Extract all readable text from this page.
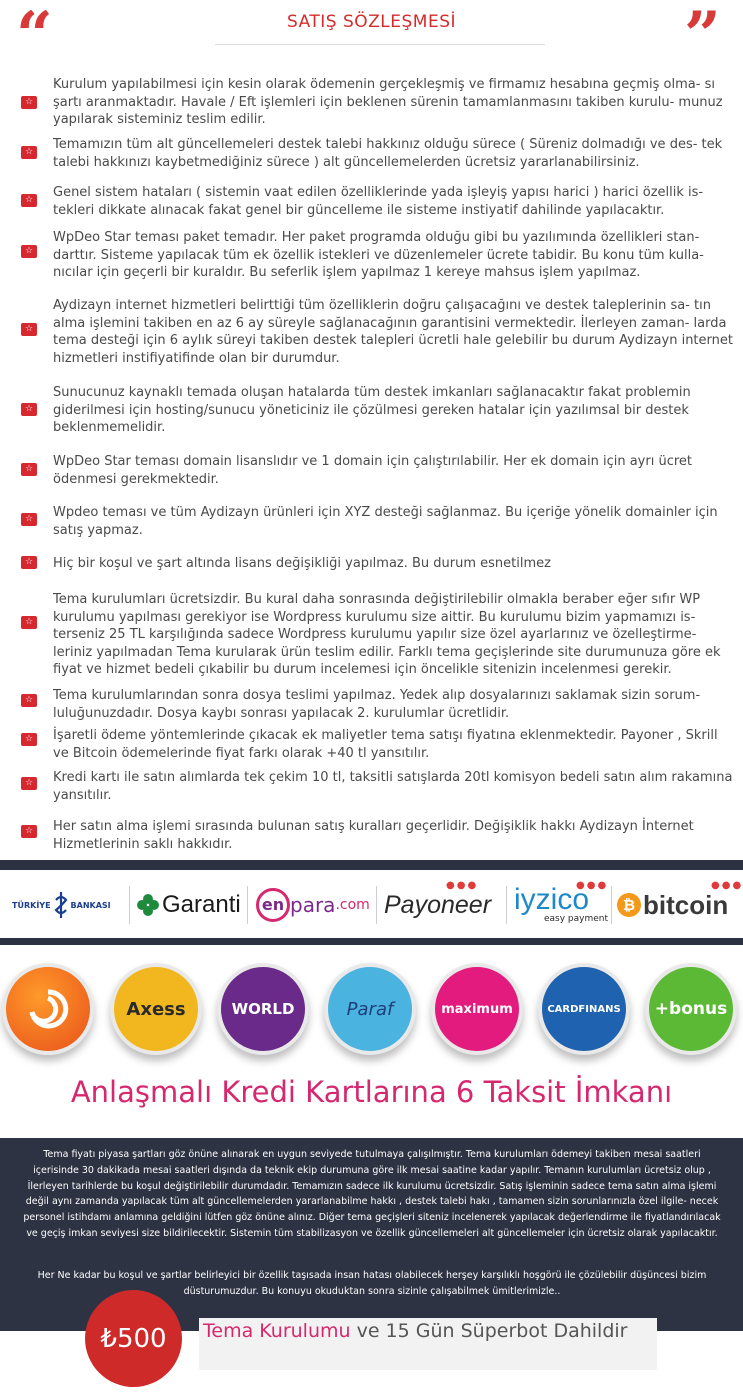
“	SATIŞ SÖZLEŞMESİ	”
☆
Kurulum yapılabilmesi için kesin olarak ödemenin gerçekleşmiş ve firmamız hesabına geçmiş olma- sı şartı aranmaktadır. Havale / Eft işlemleri için beklenen sürenin tamamlanmasını takiben kurulu- munuz yapılarak sisteminiz teslim edilir.
☆	Temamızın tüm alt güncellemeleri destek talebi hakkınız olduğu sürece ( Süreniz dolmadığı ve des- tek talebi hakkınızı kaybetmediğiniz sürece ) alt güncellemelerden ücretsiz yararlanabilirsiniz.
☆	Genel sistem hataları ( sistemin vaat edilen özelliklerinde yada işleyiş yapısı harici ) harici özellik is- tekleri dikkate alınacak fakat genel bir güncelleme ile sisteme instiyatif dahilinde yapılacaktır.
☆
WpDeo Star teması paket temadır. Her paket programda olduğu gibi bu yazılımında özellikleri stan- darttır. Sisteme yapılacak tüm ek özellik istekleri ve düzenlemeler ücrete tabidir. Bu konu tüm kulla- nıcılar için geçerli bir kuraldır. Bu seferlik işlem yapılmaz 1 kereye mahsus işlem yapılmaz.
☆
Aydizayn internet hizmetleri belirttiği tüm özelliklerin doğru çalışacağını ve destek taleplerinin sa- tın alma işlemini takiben en az 6 ay süreyle sağlanacağının garantisini vermektedir. İlerleyen zaman- larda tema desteği için 6 aylık süreyi takiben destek talepleri ücretli hale gelebilir bu durum Aydizayn internet hizmetleri instifiyatifinde olan bir durumdur.
☆
Sunucunuz kaynaklı temada oluşan hatalarda tüm destek imkanları sağlanacaktır fakat problemin giderilmesi için hosting/sunucu yöneticiniz ile çözülmesi gereken hatalar için yazılımsal bir destek beklenmemelidir.
☆	WpDeo Star teması domain lisanslıdır ve 1 domain için çalıştırılabilir. Her ek domain için ayrı ücret ödenmesi gerekmektedir.
☆	Wpdeo teması ve tüm Aydizayn ürünleri için XYZ desteği sağlanmaz. Bu içeriğe yönelik domainler için satış yapmaz.
☆	Hiç bir koşul ve şart altında lisans değişikliği yapılmaz. Bu durum esnetilmez
☆
Tema kurulumları ücretsizdir. Bu kural daha sonrasında değiştirilebilir olmakla beraber eğer sıfır WP kurulumu yapılması gerekiyor ise Wordpress kurulumu size aittir. Bu kurulumu bizim yapmamızı is- terseniz 25 TL karşılığında sadece Wordpress kurulumu yapılır size özel ayarlarınız ve özelleştirme- leriniz yapılmadan Tema kurularak ürün teslim edilir. Farklı tema geçişlerinde site durumunuza göre ek fiyat ve hizmet bedeli çıkabilir bu durum incelemesi için öncelikle sitenizin incelenmesi gerekir.
☆	Tema kurulumlarından sonra dosya teslimi yapılmaz. Yedek alıp dosyalarınızı saklamak sizin sorum- luluğunuzdadır. Dosya kaybı sonrası yapılacak 2. kurulumlar ücretlidir.
☆	İşaretli ödeme yöntemlerinde çıkacak ek maliyetler tema satışı fiyatına eklenmektedir. Payoner , Skrill ve Bitcoin ödemelerinde fiyat farkı olarak +40 tl yansıtılır.
☆	Kredi kartı ile satın alımlarda tek çekim 10 tl, taksitli satışlarda 20tl komisyon bedeli satın alım rakamına yansıtılır.
☆	Her satın alma işlemi sırasında bulunan satış kuralları geçerlidir. Değişiklik hakkı Aydizayn İnternet Hizmetlerinin saklı hakkıdır.
TÜRKİYE	BANKASI Garanti	en para .com Payoneer
●●● iyzico
easy payment
●●●
₿ bitcoin
●●●
Axess	WORLD	Paraf	maximum	CARDFINANS	+bonus
Anlaşmalı Kredi Kartlarına 6 Taksit İmkanı

Tema fiyatı piyasa şartları göz önüne alınarak en uygun seviyede tutulmaya çalışılmıştır. Tema kurulumları ödemeyi takiben mesai saatleri içerisinde 30 dakikada mesai saatleri dışında da teknik ekip durumuna göre ilk mesai saatine kadar yapılır. Temanın kurulumları ücretsiz olup , İlerleyen tarihlerde bu koşul değiştirilebilir durumdadır. Temamızın sadece ilk kurulumu ücretsizdir. Satış işleminin sadece tema satın alma işlemi değil aynı zamanda yapılacak tüm alt güncellemelerden yararlanabilme hakkı , destek talebi hakı , tamamen sizin sorunlarınızla özel ilgile- necek personel istihdamı anlamına geldiğini lütfen göz önüne alınız. Diğer tema geçişleri siteniz incelenerek yapılacak değerlendirme ile fiyatlandırılacak ve geçiş imkan seviyesi size bildirilecektir. Sistemin tüm stabilizasyon ve özellik güncellemeleri alt güncellemeler için ücretsiz olarak yapılacaktır.

Her Ne kadar bu koşul ve şartlar belirleyici bir özellik taşısada insan hatası olabilecek herşey karşılıklı hoşgörü ile çözülebilir düşüncesi bizim düsturumuzdur. Bu konuyu okuduktan sonra sizinle çalışabilmek ümitlerimizle..

Tema Kurulumu ve 15 Gün Süperbot Dahildir
₺500
